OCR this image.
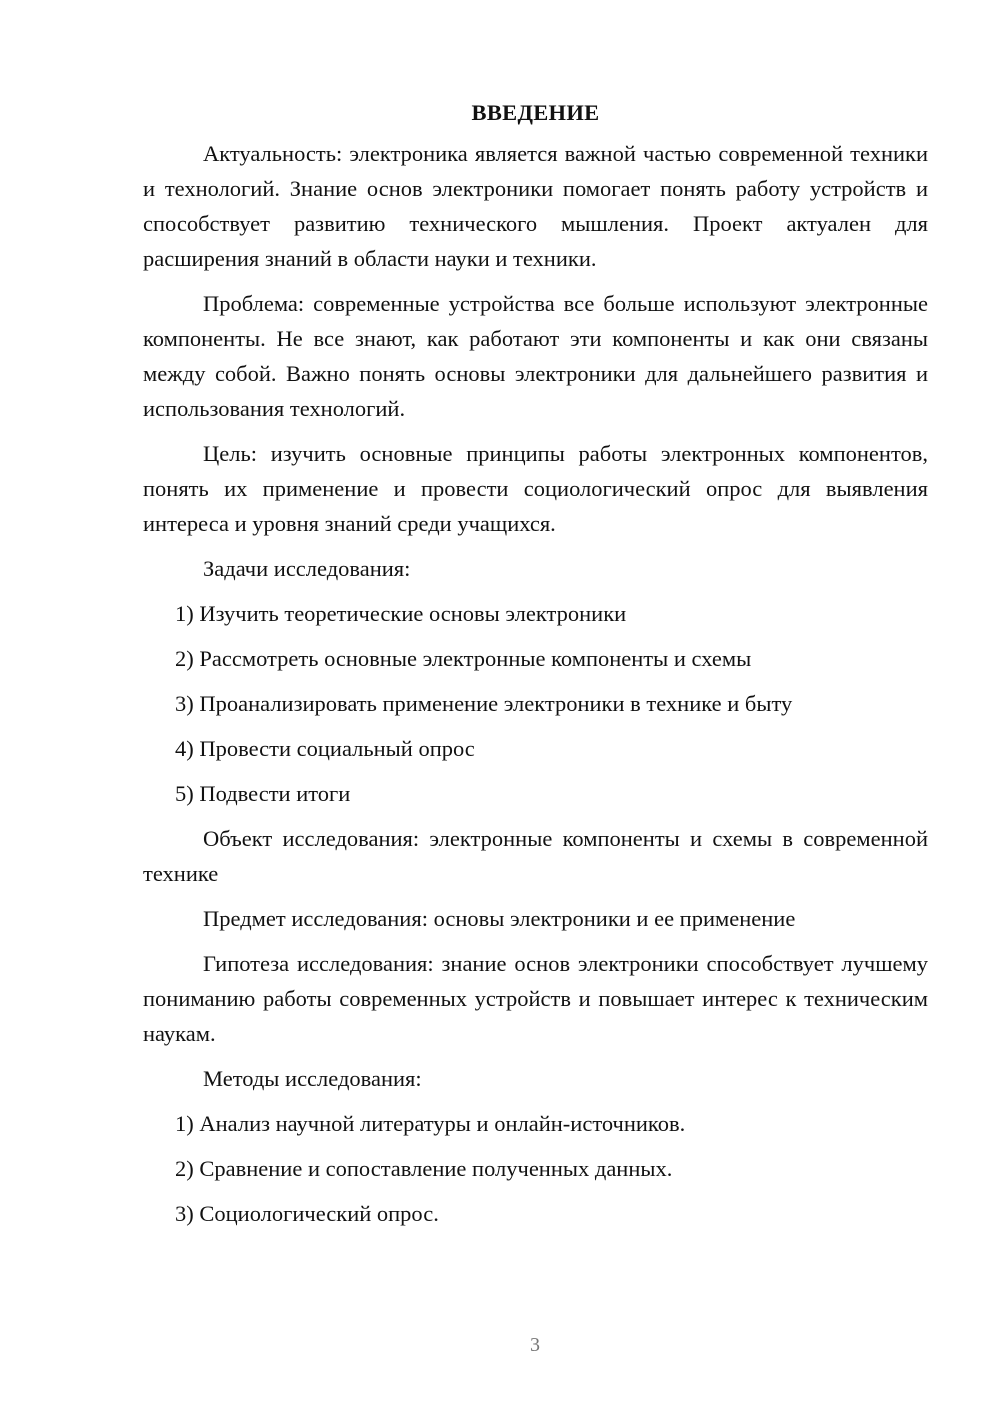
ВВЕДЕНИЕ

Актуальность: электроника является важной частью современной техники и технологий. Знание основ электроники помогает понять работу устройств и способствует развитию технического мышления. Проект актуален для расширения знаний в области науки и техники.

Проблема: современные устройства все больше используют электронные компоненты. Не все знают, как работают эти компоненты и как они связаны между собой. Важно понять основы электроники для дальнейшего развития и использования технологий.

Цель: изучить основные принципы работы электронных компонентов, понять их применение и провести социологический опрос для выявления интереса и уровня знаний среди учащихся.

Задачи исследования:
1) Изучить теоретические основы электроники
2) Рассмотреть основные электронные компоненты и схемы
3) Проанализировать применение электроники в технике и быту
4) Провести социальный опрос
5) Подвести итоги

Объект исследования: электронные компоненты и схемы в современной технике

Предмет исследования: основы электроники и ее применение

Гипотеза исследования: знание основ электроники способствует лучшему пониманию работы современных устройств и повышает интерес к техническим наукам.

Методы исследования:
1) Анализ научной литературы и онлайн-источников.
2) Сравнение и сопоставление полученных данных.
3) Социологический опрос.
3
